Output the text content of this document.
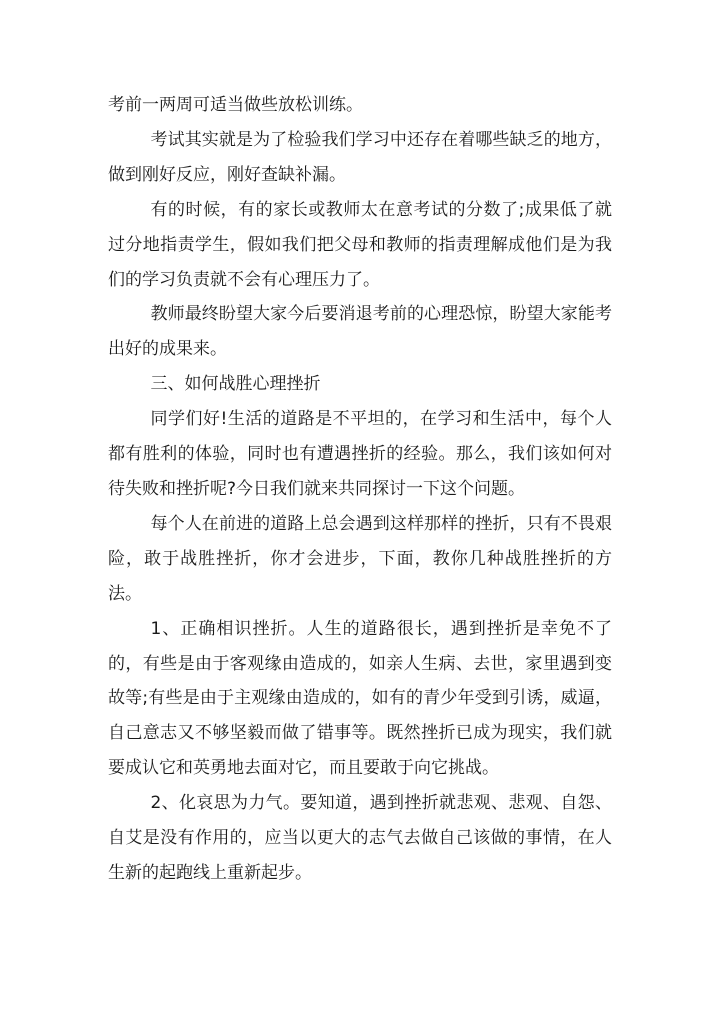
考前一两周可适当做些放松训练。

考试其实就是为了检验我们学习中还存在着哪些缺乏的地方，做到刚好反应，刚好查缺补漏。

有的时候，有的家长或教师太在意考试的分数了;成果低了就过分地指责学生，假如我们把父母和教师的指责理解成他们是为我们的学习负责就不会有心理压力了。

教师最终盼望大家今后要消退考前的心理恐惊，盼望大家能考出好的成果来。

三、如何战胜心理挫折

同学们好!生活的道路是不平坦的，在学习和生活中，每个人都有胜利的体验，同时也有遭遇挫折的经验。那么，我们该如何对待失败和挫折呢?今日我们就来共同探讨一下这个问题。

每个人在前进的道路上总会遇到这样那样的挫折，只有不畏艰险，敢于战胜挫折，你才会进步，下面，教你几种战胜挫折的方法。

1、正确相识挫折。人生的道路很长，遇到挫折是幸免不了的，有些是由于客观缘由造成的，如亲人生病、去世，家里遇到变故等;有些是由于主观缘由造成的，如有的青少年受到引诱，威逼，自己意志又不够坚毅而做了错事等。既然挫折已成为现实，我们就要成认它和英勇地去面对它，而且要敢于向它挑战。

2、化哀思为力气。要知道，遇到挫折就悲观、悲观、自怨、自艾是没有作用的，应当以更大的志气去做自己该做的事情，在人生新的起跑线上重新起步。
